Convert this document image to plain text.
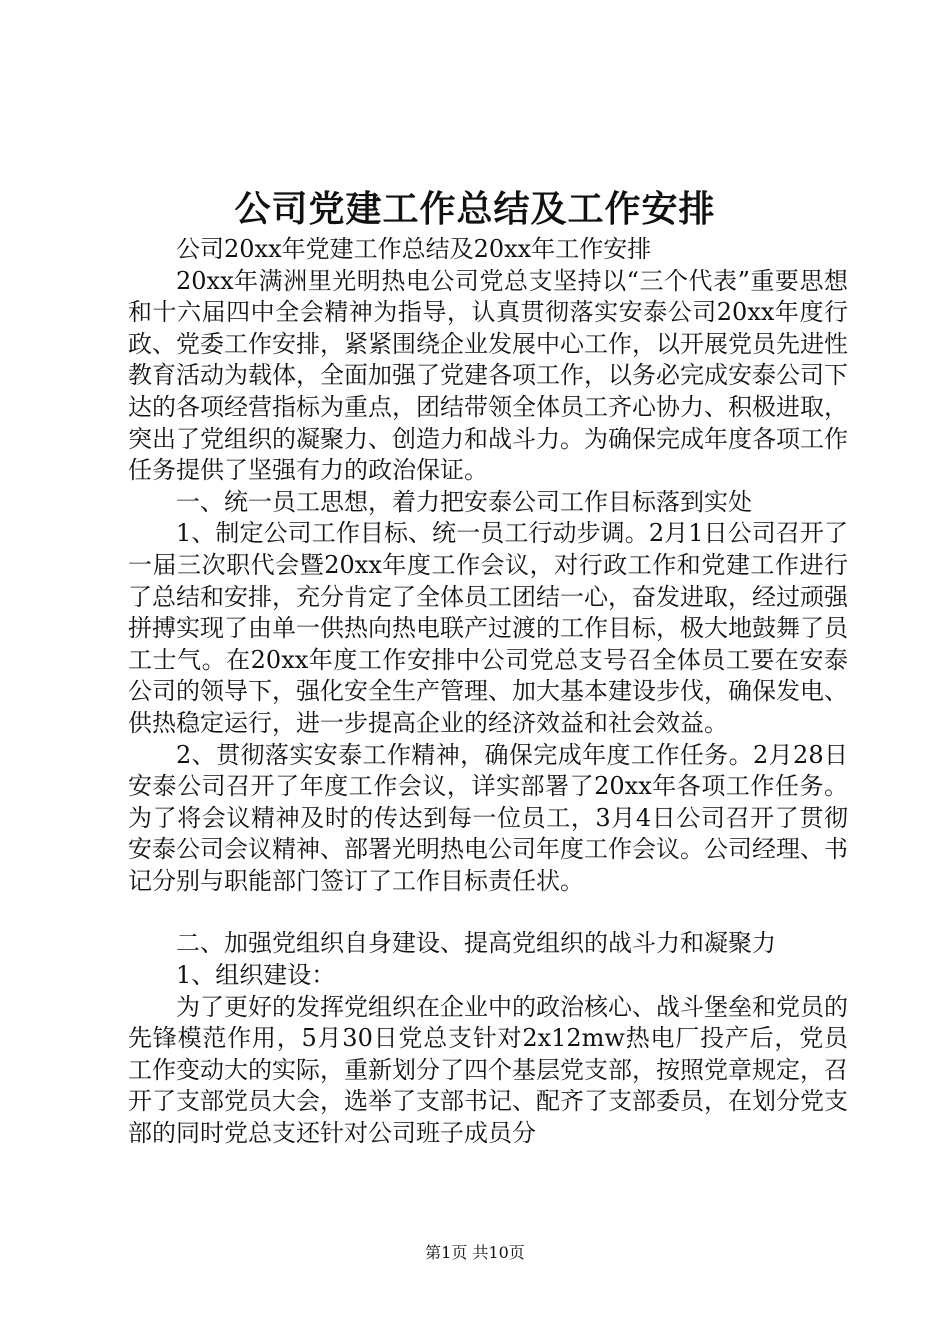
公司党建工作总结及工作安排

公司20xx年党建工作总结及20xx年工作安排

20xx年满洲里光明热电公司党总支坚持以“三个代表”重要思想和十六届四中全会精神为指导，认真贯彻落实安泰公司20xx年度行政、党委工作安排，紧紧围绕企业发展中心工作，以开展党员先进性教育活动为载体，全面加强了党建各项工作，以务必完成安泰公司下达的各项经营指标为重点，团结带领全体员工齐心协力、积极进取，突出了党组织的凝聚力、创造力和战斗力。为确保完成年度各项工作任务提供了坚强有力的政治保证。

一、统一员工思想，着力把安泰公司工作目标落到实处

1、制定公司工作目标、统一员工行动步调。2月1日公司召开了一届三次职代会暨20xx年度工作会议，对行政工作和党建工作进行了总结和安排，充分肯定了全体员工团结一心，奋发进取，经过顽强拼搏实现了由单一供热向热电联产过渡的工作目标，极大地鼓舞了员工士气。在20xx年度工作安排中公司党总支号召全体员工要在安泰公司的领导下，强化安全生产管理、加大基本建设步伐，确保发电、供热稳定运行，进一步提高企业的经济效益和社会效益。

2、贯彻落实安泰工作精神，确保完成年度工作任务。2月28日安泰公司召开了年度工作会议，详实部署了20xx年各项工作任务。为了将会议精神及时的传达到每一位员工，3月4日公司召开了贯彻安泰公司会议精神、部署光明热电公司年度工作会议。公司经理、书记分别与职能部门签订了工作目标责任状。

二、加强党组织自身建设、提高党组织的战斗力和凝聚力

1、组织建设：

为了更好的发挥党组织在企业中的政治核心、战斗堡垒和党员的先锋模范作用，5月30日党总支针对2x12mw热电厂投产后，党员工作变动大的实际，重新划分了四个基层党支部，按照党章规定，召开了支部党员大会，选举了支部书记、配齐了支部委员，在划分党支部的同时党总支还针对公司班子成员分

第1页 共10页
